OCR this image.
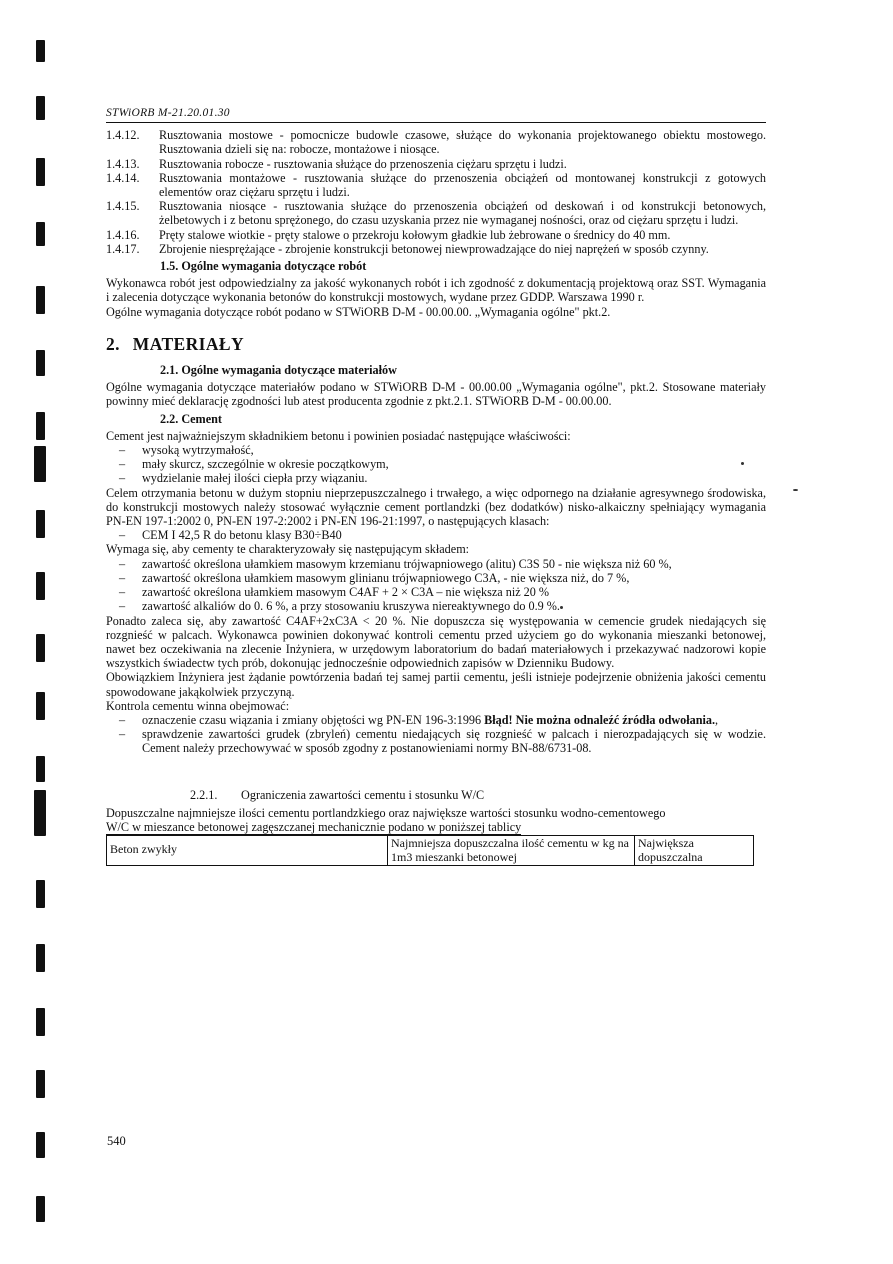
STWiORB M-21.20.01.30
1.4.12.	Rusztowania mostowe - pomocnicze budowle czasowe, służące do wykonania projektowanego obiektu mostowego. Rusztowania dzieli się na: robocze, montażowe i niosące.
1.4.13.	Rusztowania robocze - rusztowania służące do przenoszenia ciężaru sprzętu i ludzi.
1.4.14.	Rusztowania montażowe - rusztowania służące do przenoszenia obciążeń od montowanej konstrukcji z gotowych elementów oraz ciężaru sprzętu i ludzi.
1.4.15.	Rusztowania niosące - rusztowania służące do przenoszenia obciążeń od deskowań i od konstrukcji betonowych, żelbetowych i z betonu sprężonego, do czasu uzyskania przez nie wymaganej nośności, oraz od ciężaru sprzętu i ludzi.
1.4.16.	Pręty stalowe wiotkie - pręty stalowe o przekroju kołowym gładkie lub żebrowane o średnicy do 40 mm.
1.4.17.	Zbrojenie niesprężające - zbrojenie konstrukcji betonowej niewprowadzające do niej naprężeń w sposób czynny.
1.5. Ogólne wymagania dotyczące robót

Wykonawca robót jest odpowiedzialny za jakość wykonanych robót i ich zgodność z dokumentacją projektową oraz SST. Wymagania i zalecenia dotyczące wykonania betonów do konstrukcji mostowych, wydane przez GDDP. Warszawa 1990 r.

Ogólne wymagania dotyczące robót podano w STWiORB D-M - 00.00.00. „Wymagania ogólne" pkt.2.

2. MATERIAŁY
2.1. Ogólne wymagania dotyczące materiałów

Ogólne wymagania dotyczące materiałów podano w STWiORB D-M - 00.00.00 „Wymagania ogólne", pkt.2. Stosowane materiały powinny mieć deklarację zgodności lub atest producenta zgodnie z pkt.2.1. STWiORB D-M - 00.00.00.

2.2. Cement

Cement jest najważniejszym składnikiem betonu i powinien posiadać następujące właściwości:

–	wysoką wytrzymałość,
–	mały skurcz, szczególnie w okresie początkowym,
–	wydzielanie małej ilości ciepła przy wiązaniu.

Celem otrzymania betonu w dużym stopniu nieprzepuszczalnego i trwałego, a więc odpornego na działanie agresywnego środowiska, do konstrukcji mostowych należy stosować wyłącznie cement portlandzki (bez dodatków) nisko-alkaiczny spełniający wymagania PN-EN 197-1:2002 0, PN-EN 197-2:2002 i PN-EN 196-21:1997, o następujących klasach:

–	CEM I 42,5 R do betonu klasy B30÷B40

Wymaga się, aby cementy te charakteryzowały się następującym składem:

–	zawartość określona ułamkiem masowym krzemianu trójwapniowego (alitu) C3S 50 - nie większa niż 60 %,
–	zawartość określona ułamkiem masowym glinianu trójwapniowego C3A, - nie większa niż, do 7 %,
–	zawartość określona ułamkiem masowym C4AF + 2 × C3A – nie większa niż 20 %
–	zawartość alkaliów do 0. 6 %, a przy stosowaniu kruszywa niereaktywnego do 0.9 %.

Ponadto zaleca się, aby zawartość C4AF+2xC3A < 20 %. Nie dopuszcza się występowania w cemencie grudek niedających się rozgnieść w palcach. Wykonawca powinien dokonywać kontroli cementu przed użyciem go do wykonania mieszanki betonowej, nawet bez oczekiwania na zlecenie Inżyniera, w urzędowym laboratorium do badań materiałowych i przekazywać nadzorowi kopie wszystkich świadectw tych prób, dokonując jednocześnie odpowiednich zapisów w Dzienniku Budowy.

Obowiązkiem Inżyniera jest żądanie powtórzenia badań tej samej partii cementu, jeśli istnieje podejrzenie obniżenia jakości cementu spowodowane jakąkolwiek przyczyną.

Kontrola cementu winna obejmować:

–	oznaczenie czasu wiązania i zmiany objętości wg PN-EN 196-3:1996 Błąd! Nie można odnaleźć źródła odwołania.,
–	sprawdzenie zawartości grudek (zbryleń) cementu niedających się rozgnieść w palcach i nierozpadających się w wodzie. Cement należy przechowywać w sposób zgodny z postanowieniami normy BN-88/6731-08.
2.2.1. Ograniczenia zawartości cementu i stosunku W/C

Dopuszczalne najmniejsze ilości cementu portlandzkiego oraz największe wartości stosunku wodno-cementowego

W/C w mieszance betonowej zagęszczanej mechanicznie podano w poniższej tablicy
Beton zwykły	Najmniejsza dopuszczalna ilość cementu w kg na 1m3 mieszanki betonowej	Największa dopuszczalna
540
